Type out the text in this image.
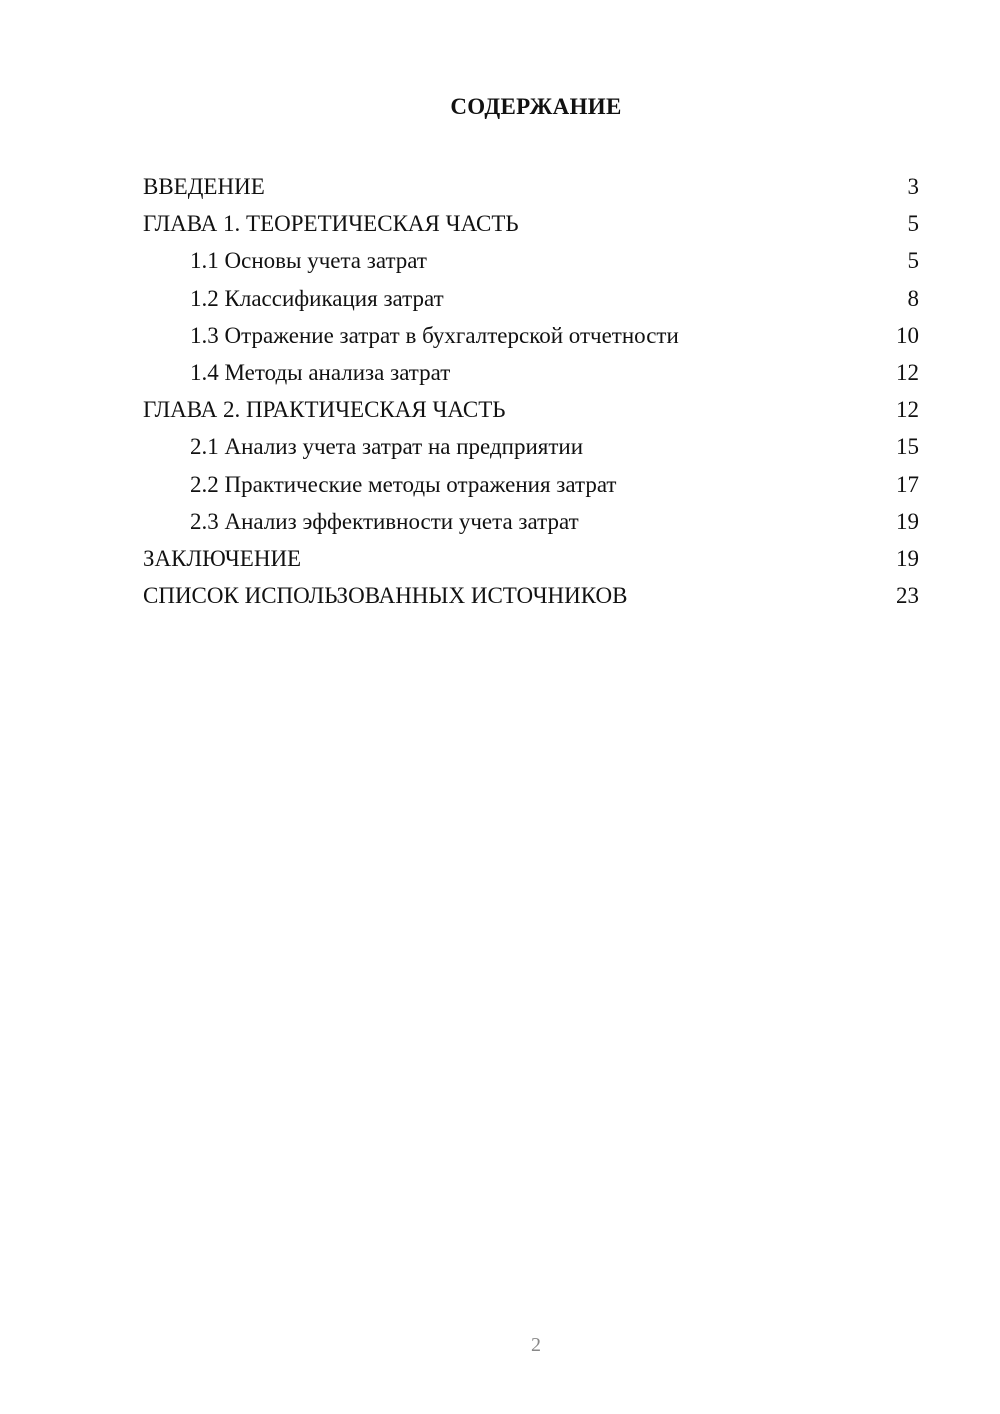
СОДЕРЖАНИЕ
ВВЕДЕНИЕ	3
ГЛАВА 1. ТЕОРЕТИЧЕСКАЯ ЧАСТЬ	5
1.1 Основы учета затрат	5
1.2 Классификация затрат	8
1.3 Отражение затрат в бухгалтерской отчетности	10
1.4 Методы анализа затрат	12
ГЛАВА 2. ПРАКТИЧЕСКАЯ ЧАСТЬ	12
2.1 Анализ учета затрат на предприятии	15
2.2 Практические методы отражения затрат	17
2.3 Анализ эффективности учета затрат	19
ЗАКЛЮЧЕНИЕ	19
СПИСОК ИСПОЛЬЗОВАННЫХ ИСТОЧНИКОВ	23
2
